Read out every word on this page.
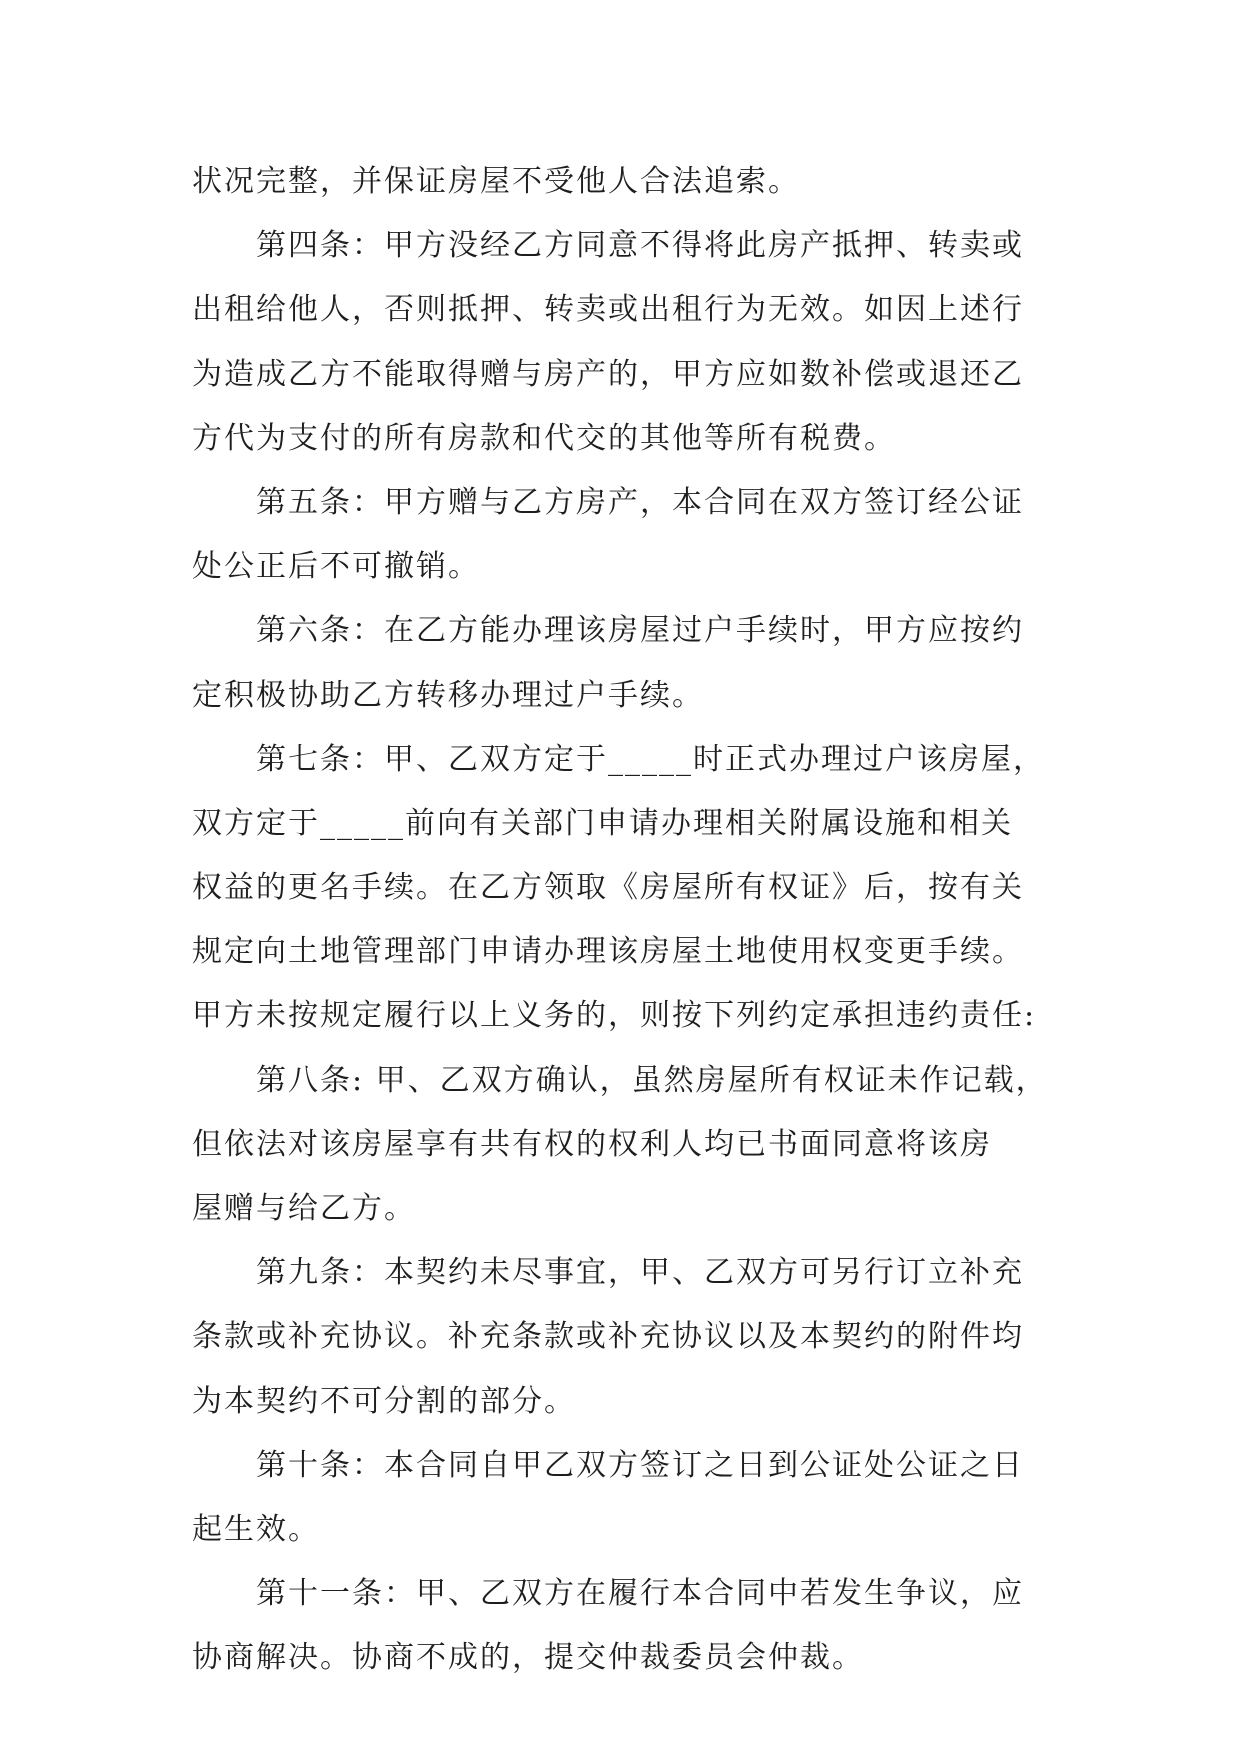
状况完整，并保证房屋不受他人合法追索。
第四条：甲方没经乙方同意不得将此房产抵押、转卖或
出租给他人，否则抵押、转卖或出租行为无效。如因上述行
为造成乙方不能取得赠与房产的，甲方应如数补偿或退还乙
方代为支付的所有房款和代交的其他等所有税费。
第五条：甲方赠与乙方房产，本合同在双方签订经公证
处公正后不可撤销。
第六条：在乙方能办理该房屋过户手续时，甲方应按约
定积极协助乙方转移办理过户手续。
第七条：甲、乙双方定于_____时正式办理过户该房屋，
双方定于_____前向有关部门申请办理相关附属设施和相关
权益的更名手续。在乙方领取《房屋所有权证》后，按有关
规定向土地管理部门申请办理该房屋土地使用权变更手续。
甲方未按规定履行以上义务的，则按下列约定承担违约责任:
第八条: 甲、乙双方确认，虽然房屋所有权证未作记载，
但依法对该房屋享有共有权的权利人均已书面同意将该房
屋赠与给乙方。
第九条：本契约未尽事宜，甲、乙双方可另行订立补充
条款或补充协议。补充条款或补充协议以及本契约的附件均
为本契约不可分割的部分。
第十条：本合同自甲乙双方签订之日到公证处公证之日
起生效。
第十一条：甲、乙双方在履行本合同中若发生争议，应
协商解决。协商不成的，提交仲裁委员会仲裁。
